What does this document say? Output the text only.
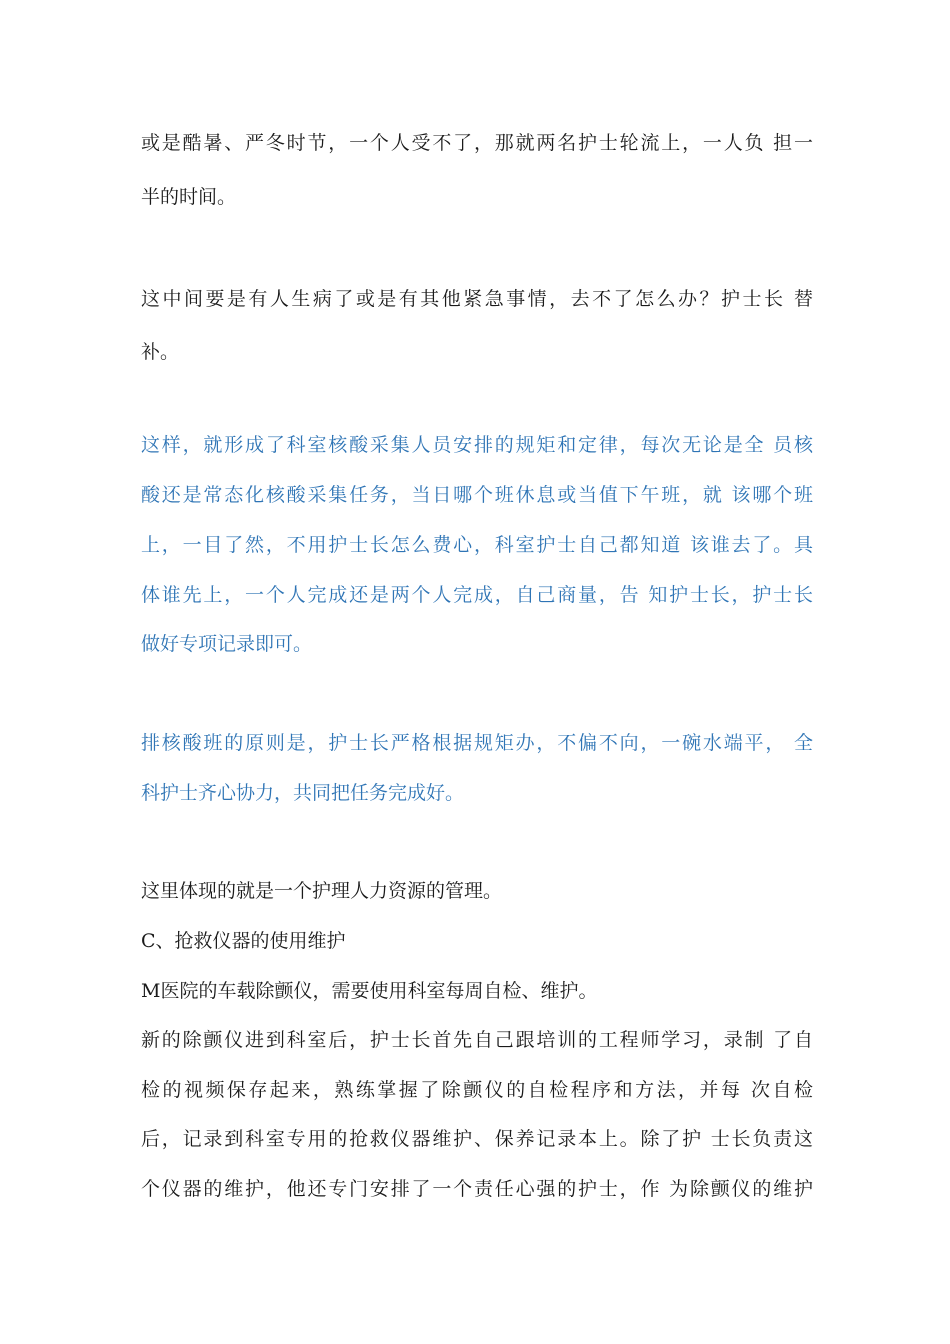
或是酷暑、严冬时节，一个人受不了，那就两名护士轮流上，一人负 担一
半的时间。
这中间要是有人生病了或是有其他紧急事情，去不了怎么办？护士长 替
补。
这样，就形成了科室核酸采集人员安排的规矩和定律，每次无论是全 员核
酸还是常态化核酸采集任务，当日哪个班休息或当值下午班，就 该哪个班
上，一目了然，不用护士长怎么费心，科室护士自己都知道 该谁去了。具
体谁先上，一个人完成还是两个人完成，自己商量，告 知护士长，护士长
做好专项记录即可。
排核酸班的原则是，护士长严格根据规矩办，不偏不向，一碗水端平， 全
科护士齐心协力，共同把任务完成好。
这里体现的就是一个护理人力资源的管理。
C、抢救仪器的使用维护
M医院的车载除颤仪，需要使用科室每周自检、维护。
新的除颤仪进到科室后，护士长首先自己跟培训的工程师学习，录制 了自
检的视频保存起来，熟练掌握了除颤仪的自检程序和方法，并每 次自检
后，记录到科室专用的抢救仪器维护、保养记录本上。除了护 士长负责这
个仪器的维护，他还专门安排了一个责任心强的护士，作 为除颤仪的维护
